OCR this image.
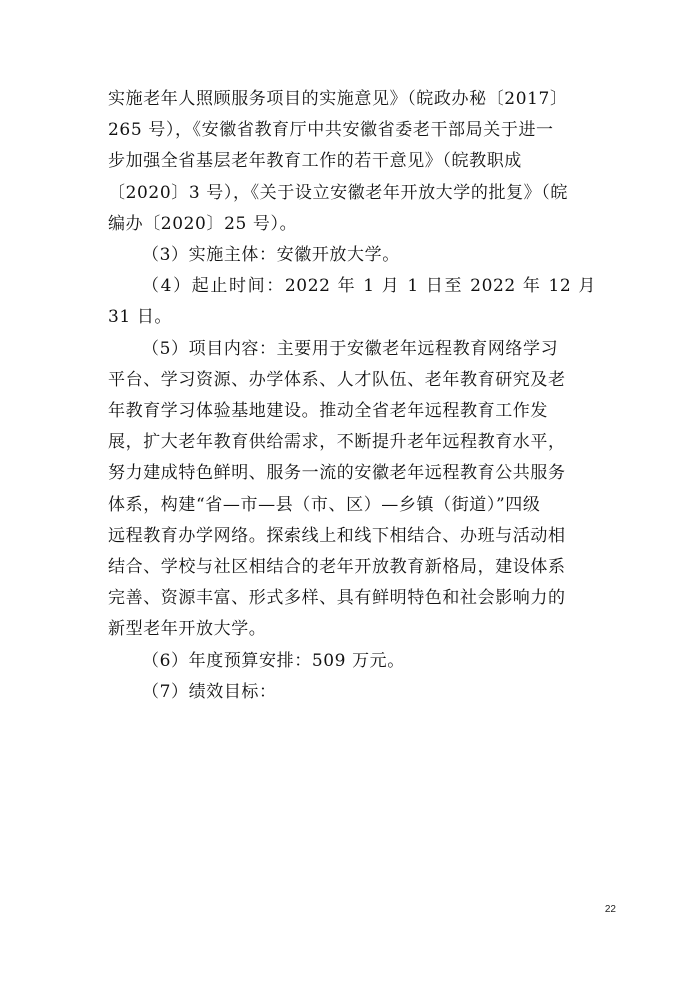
实施老年人照顾服务项目的实施意见》（皖政办秘〔2017〕
265 号），《安徽省教育厅中共安徽省委老干部局关于进一
步加强全省基层老年教育工作的若干意见》（皖教职成
〔2020〕3 号），《关于设立安徽老年开放大学的批复》（皖
编办〔2020〕25 号）。

（3）实施主体：安徽开放大学。

（4）起止时间：2022 年 1 月 1 日至 2022 年 12 月 31 日。

（5）项目内容：主要用于安徽老年远程教育网络学习
平台、学习资源、办学体系、人才队伍、老年教育研究及老
年教育学习体验基地建设。推动全省老年远程教育工作发
展，扩大老年教育供给需求，不断提升老年远程教育水平，
努力建成特色鲜明、服务一流的安徽老年远程教育公共服务
体系，构建“省—市—县（市、区）—乡镇（街道）”四级
远程教育办学网络。探索线上和线下相结合、办班与活动相
结合、学校与社区相结合的老年开放教育新格局，建设体系
完善、资源丰富、形式多样、具有鲜明特色和社会影响力的
新型老年开放大学。

（6）年度预算安排：509 万元。

（7）绩效目标：

22
